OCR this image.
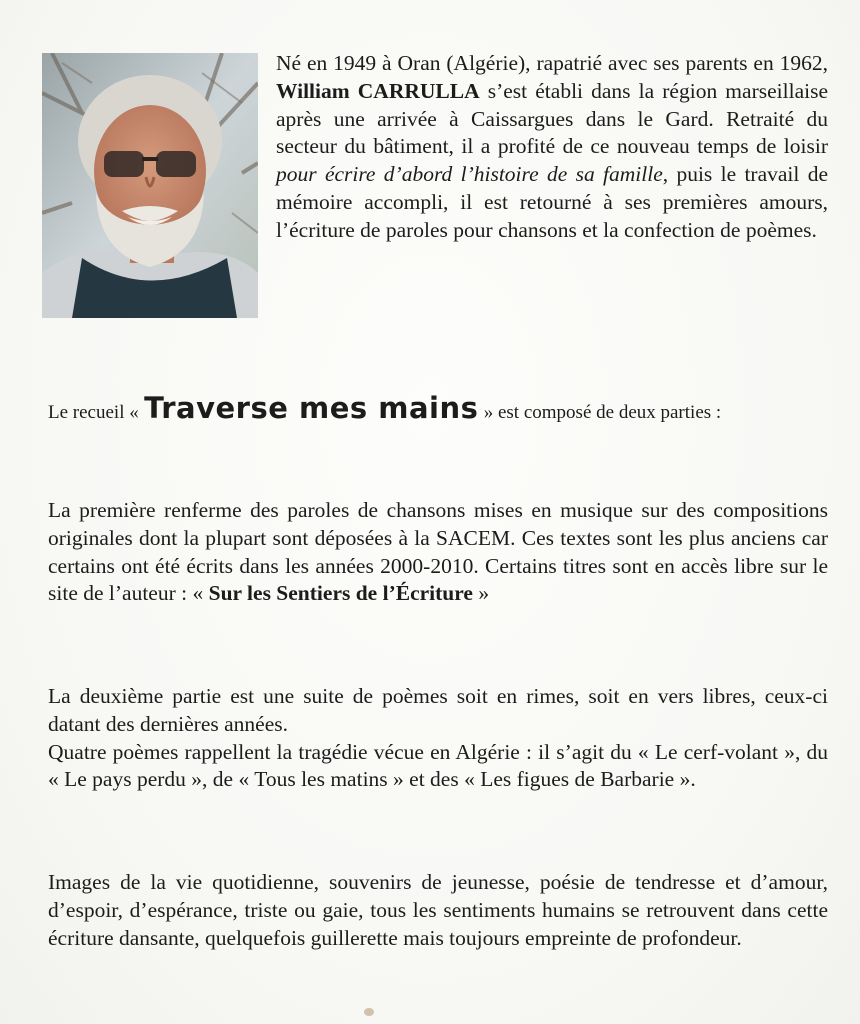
Né en 1949 à Oran (Algérie), rapatrié avec ses parents en 1962, William CARRULLA s’est établi dans la région marseillaise après une arrivée à Caissargues dans le Gard. Retraité du secteur du bâtiment, il a profité de ce nouveau temps de loisir pour écrire d’abord l’histoire de sa famille, puis le travail de mémoire accompli, il est retourné à ses premières amours, l’écriture de paroles pour chansons et la confection de poèmes.

Le recueil « Traverse mes mains » est composé de deux parties :

La première renferme des paroles de chansons mises en musique sur des compositions originales dont la plupart sont déposées à la SACEM. Ces textes sont les plus anciens car certains ont été écrits dans les années 2000-2010. Certains titres sont en accès libre sur le site de l’auteur : « Sur les Sentiers de l’Écriture »

La deuxième partie est une suite de poèmes soit en rimes, soit en vers libres, ceux-ci datant des dernières années.
Quatre poèmes rappellent la tragédie vécue en Algérie : il s’agit du « Le cerf-volant », du « Le pays perdu », de « Tous les matins » et des « Les figues de Barbarie ».

Images de la vie quotidienne, souvenirs de jeunesse, poésie de tendresse et d’amour, d’espoir, d’espérance, triste ou gaie, tous les sentiments humains se retrouvent dans cette écriture dansante, quelquefois guillerette mais toujours empreinte de profondeur.
